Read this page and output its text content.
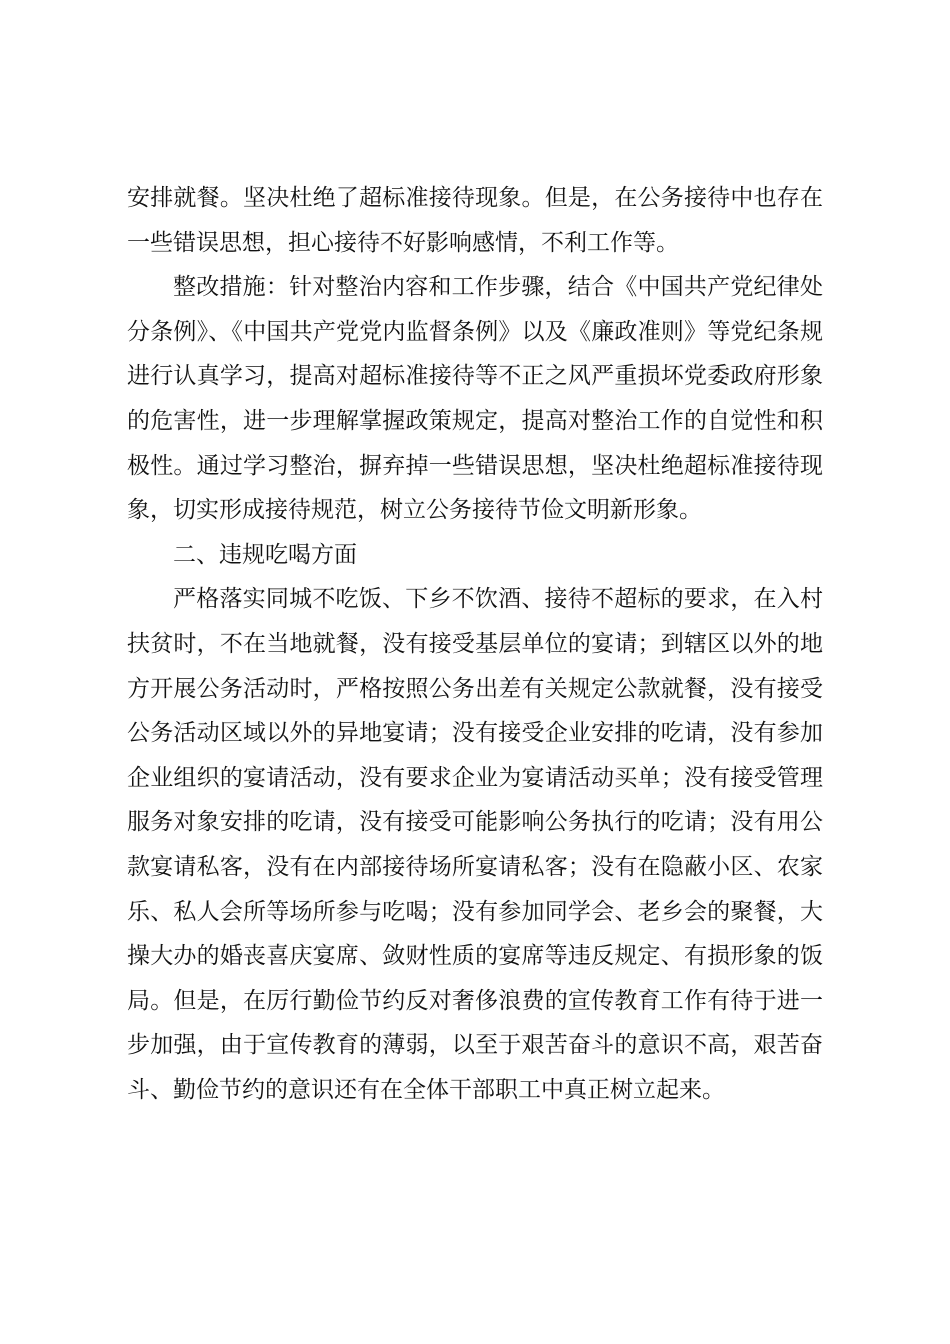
安排就餐。坚决杜绝了超标准接待现象。但是，在公务接待中也存在一些错误思想，担心接待不好影响感情，不利工作等。

整改措施：针对整治内容和工作步骤，结合《中国共产党纪律处分条例》、《中国共产党党内监督条例》以及《廉政准则》等党纪条规进行认真学习，提高对超标准接待等不正之风严重损坏党委政府形象的危害性，进一步理解掌握政策规定，提高对整治工作的自觉性和积极性。通过学习整治，摒弃掉一些错误思想，坚决杜绝超标准接待现象，切实形成接待规范，树立公务接待节俭文明新形象。

二、违规吃喝方面

严格落实同城不吃饭、下乡不饮酒、接待不超标的要求，在入村扶贫时，不在当地就餐，没有接受基层单位的宴请；到辖区以外的地方开展公务活动时，严格按照公务出差有关规定公款就餐，没有接受公务活动区域以外的异地宴请；没有接受企业安排的吃请，没有参加企业组织的宴请活动，没有要求企业为宴请活动买单；没有接受管理服务对象安排的吃请，没有接受可能影响公务执行的吃请；没有用公款宴请私客，没有在内部接待场所宴请私客；没有在隐蔽小区、农家乐、私人会所等场所参与吃喝；没有参加同学会、老乡会的聚餐，大操大办的婚丧喜庆宴席、敛财性质的宴席等违反规定、有损形象的饭局。但是，在厉行勤俭节约反对奢侈浪费的宣传教育工作有待于进一步加强，由于宣传教育的薄弱，以至于艰苦奋斗的意识不高，艰苦奋斗、勤俭节约的意识还有在全体干部职工中真正树立起来。
